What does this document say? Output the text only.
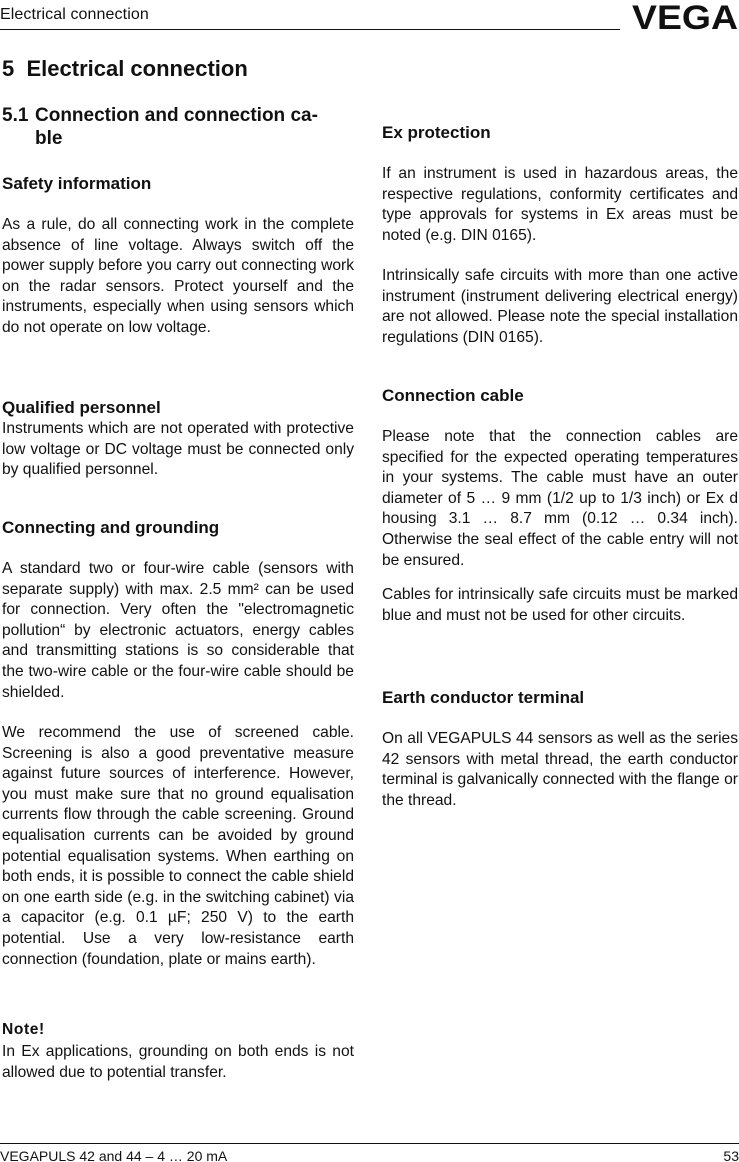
Electrical connection	VEGA
5 Electrical connection
5.1 Connection and connection ca-
ble
Safety information
As a rule, do all connecting work in the complete absence of line voltage. Always switch off the power supply before you carry out connecting work on the radar sensors. Protect yourself and the instruments, especially when using sensors which do not operate on low voltage.
Qualified personnel
Instruments which are not operated with protective low voltage or DC voltage must be connected only by qualified personnel.
Connecting and grounding
A standard two or four-wire cable (sensors with separate supply) with max. 2.5 mm² can be used for connection. Very often the "electromagnetic pollution“ by electronic actuators, energy cables and transmitting stations is so considerable that the two-wire cable or the four-wire cable should be shielded.
We recommend the use of screened cable. Screening is also a good preventative measure against future sources of interference. However, you must make sure that no ground equalisation currents flow through the cable screening. Ground equalisation currents can be avoided by ground potential equalisation systems. When earthing on both ends, it is possible to connect the cable shield on one earth side (e.g. in the switching cabinet) via a capacitor (e.g. 0.1 µF; 250 V) to the earth potential. Use a very low-resistance earth connection (foundation, plate or mains earth).
Note!
In Ex applications, grounding on both ends is not allowed due to potential transfer.
Ex protection
If an instrument is used in hazardous areas, the respective regulations, conformity certificates and type approvals for systems in Ex areas must be noted (e.g. DIN 0165).
Intrinsically safe circuits with more than one active instrument (instrument delivering electrical energy) are not allowed. Please note the special installation regulations (DIN 0165).
Connection cable
Please note that the connection cables are specified for the expected operating temperatures in your systems. The cable must have an outer diameter of 5 … 9 mm (1/2 up to 1/3 inch) or Ex d housing 3.1 … 8.7 mm (0.12 … 0.34 inch). Otherwise the seal effect of the cable entry will not be ensured.
Cables for intrinsically safe circuits must be marked blue and must not be used for other circuits.
Earth conductor terminal
On all VEGAPULS 44 sensors as well as the series 42 sensors with metal thread, the earth conductor terminal is galvanically connected with the flange or the thread.
VEGAPULS 42 and 44 – 4 … 20 mA	53
